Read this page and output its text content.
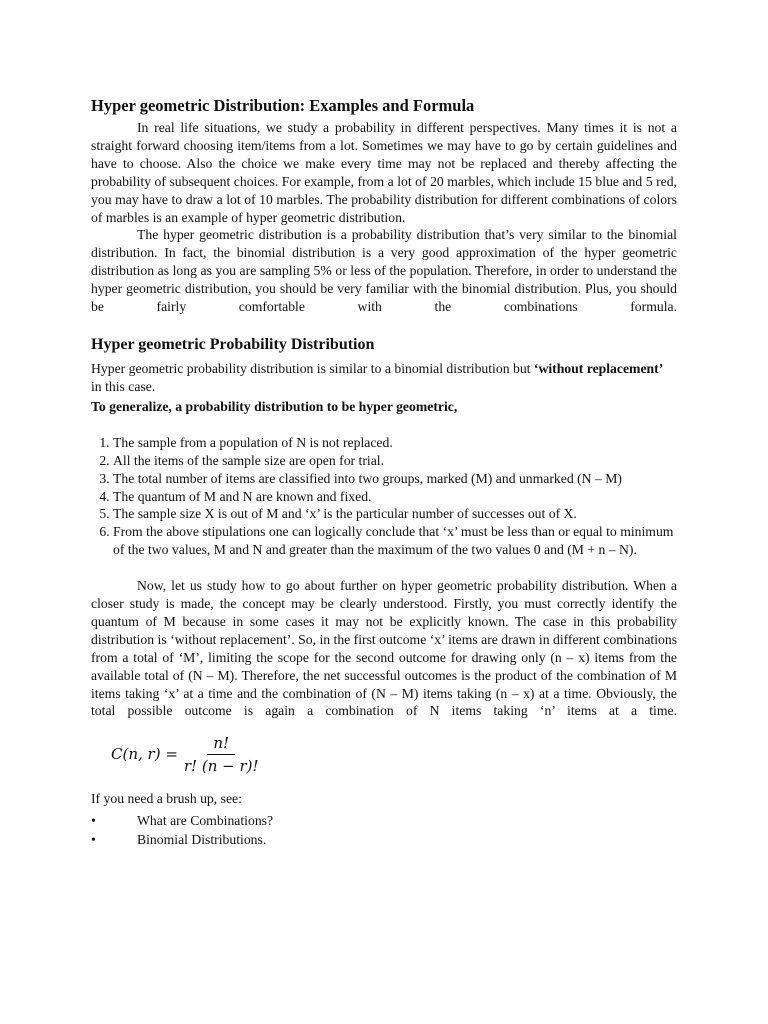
Hyper geometric Distribution: Examples and Formula

In real life situations, we study a probability in different perspectives. Many times it is not a straight forward choosing item/items from a lot. Sometimes we may have to go by certain guidelines and have to choose. Also the choice we make every time may not be replaced and thereby affecting the probability of subsequent choices. For example, from a lot of 20 marbles, which include 15 blue and 5 red, you may have to draw a lot of 10 marbles. The probability distribution for different combinations of colors of marbles is an example of hyper geometric distribution.

The hyper geometric distribution is a probability distribution that’s very similar to the binomial distribution. In fact, the binomial distribution is a very good approximation of the hyper geometric distribution as long as you are sampling 5% or less of the population. Therefore, in order to understand the hyper geometric distribution, you should be very familiar with the binomial distribution. Plus, you should be fairly comfortable with the combinations formula.

Hyper geometric Probability Distribution

Hyper geometric probability distribution is similar to a binomial distribution but ‘without replacement’ in this case.

To generalize, a probability distribution to be hyper geometric,
1. The sample from a population of N is not replaced.
2. All the items of the sample size are open for trial.
3. The total number of items are classified into two groups, marked (M) and unmarked (N – M)
4. The quantum of M and N are known and fixed.
5. The sample size X is out of M and ‘x’ is the particular number of successes out of X.
6. From the above stipulations one can logically conclude that ‘x’ must be less than or equal to minimum of the two values, M and N and greater than the maximum of the two values 0 and (M + n – N).

Now, let us study how to go about further on hyper geometric probability distribution. When a closer study is made, the concept may be clearly understood. Firstly, you must correctly identify the quantum of M because in some cases it may not be explicitly known. The case in this probability distribution is ‘without replacement’. So, in the first outcome ‘x’ items are drawn in different combinations from a total of ‘M’, limiting the scope for the second outcome for drawing only (n – x) items from the available total of (N – M). Therefore, the net successful outcomes is the product of the combination of M items taking ‘x’ at a time and the combination of (N – M) items taking (n – x) at a time. Obviously, the total possible outcome is again a combination of N items taking ‘n’ items at a time.

C(n, $r) = \frac{n!}{r! (n - r)!}$

If you need a brush up, see:

•	What are Combinations?
•	Binomial Distributions.
